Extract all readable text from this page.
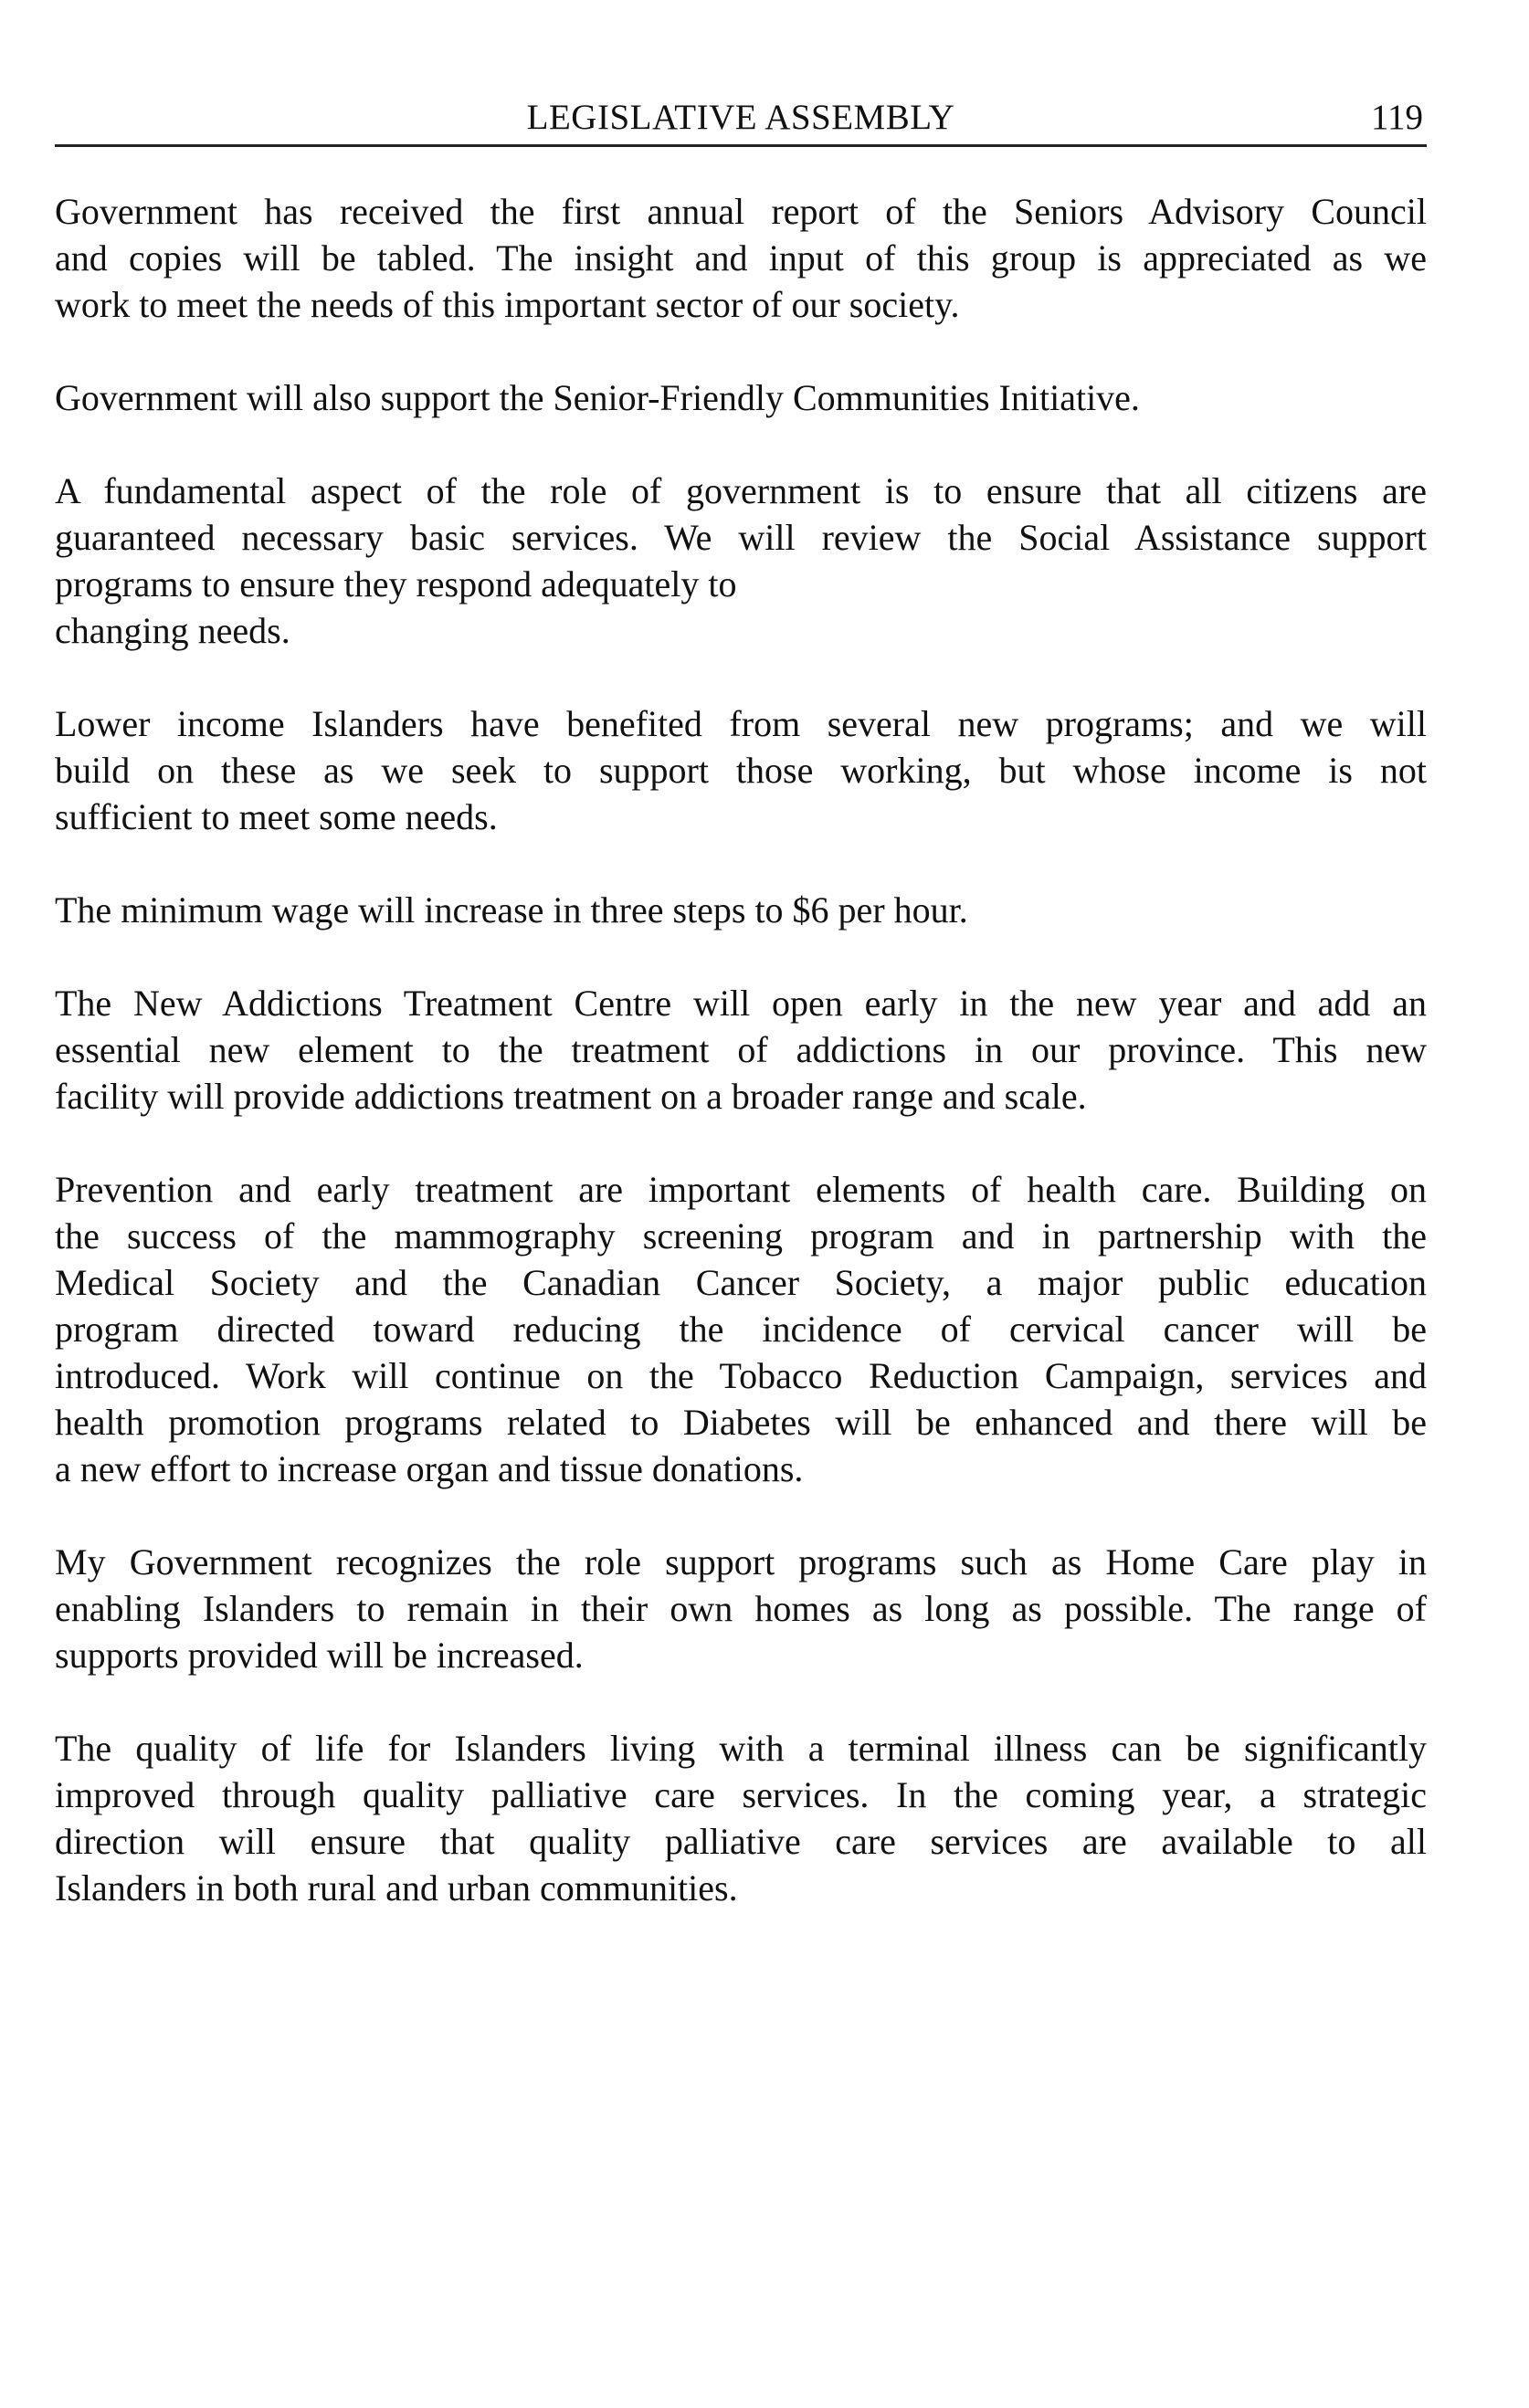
LEGISLATIVE ASSEMBLY	119
Government has received the first annual report of the Seniors Advisory Council
and copies will be tabled. The insight and input of this group is appreciated as we
work to meet the needs of this important sector of our society.
Government will also support the Senior-Friendly Communities Initiative.
A fundamental aspect of the role of government is to ensure that all citizens are
guaranteed necessary basic services. We will review the Social Assistance support
programs to ensure they respond adequately to
changing needs.
Lower income Islanders have benefited from several new programs; and we will
build on these as we seek to support those working, but whose income is not
sufficient to meet some needs.
The minimum wage will increase in three steps to $6 per hour.
The New Addictions Treatment Centre will open early in the new year and add an
essential new element to the treatment of addictions in our province. This new
facility will provide addictions treatment on a broader range and scale.
Prevention and early treatment are important elements of health care. Building on
the success of the mammography screening program and in partnership with the
Medical Society and the Canadian Cancer Society, a major public education
program directed toward reducing the incidence of cervical cancer will be
introduced. Work will continue on the Tobacco Reduction Campaign, services and
health promotion programs related to Diabetes will be enhanced and there will be
a new effort to increase organ and tissue donations.
My Government recognizes the role support programs such as Home Care play in
enabling Islanders to remain in their own homes as long as possible. The range of
supports provided will be increased.
The quality of life for Islanders living with a terminal illness can be significantly
improved through quality palliative care services. In the coming year, a strategic
direction will ensure that quality palliative care services are available to all
Islanders in both rural and urban communities.
